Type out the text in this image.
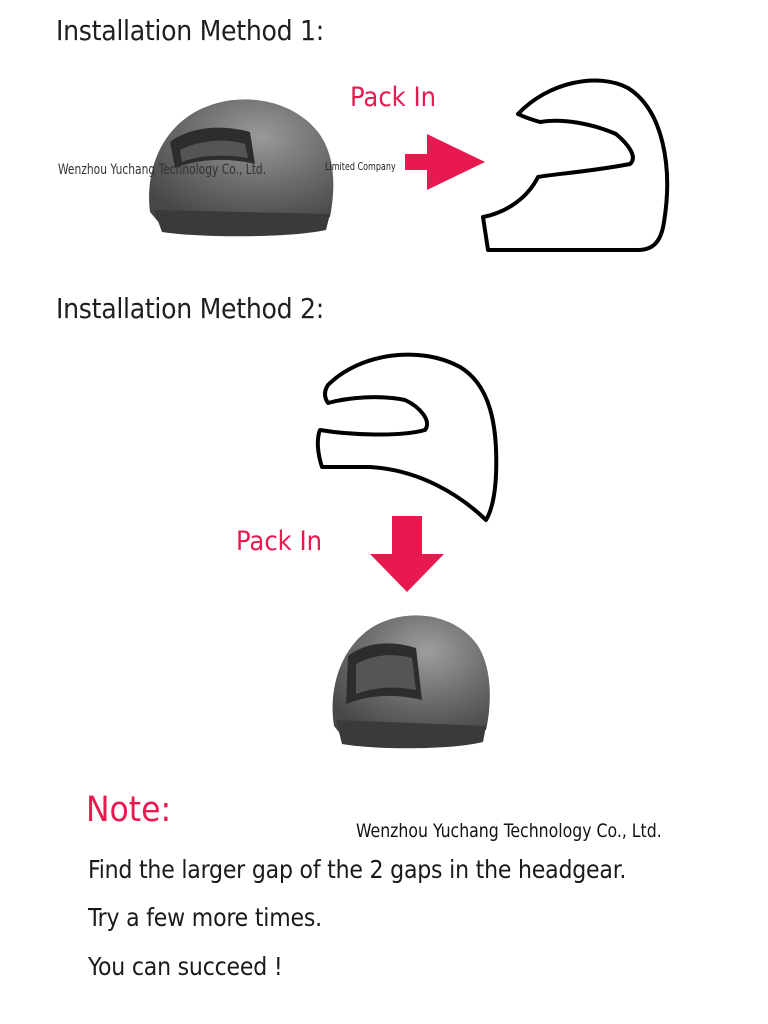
Installation Method 1:
Pack In
Wenzhou Yuchang Technology Co., Ltd.	Limited Company
Installation Method 2:
Pack In
Note:
Wenzhou Yuchang Technology Co., Ltd.
Find the larger gap of the 2 gaps in the headgear.
Try a few more times.
You can succeed !
